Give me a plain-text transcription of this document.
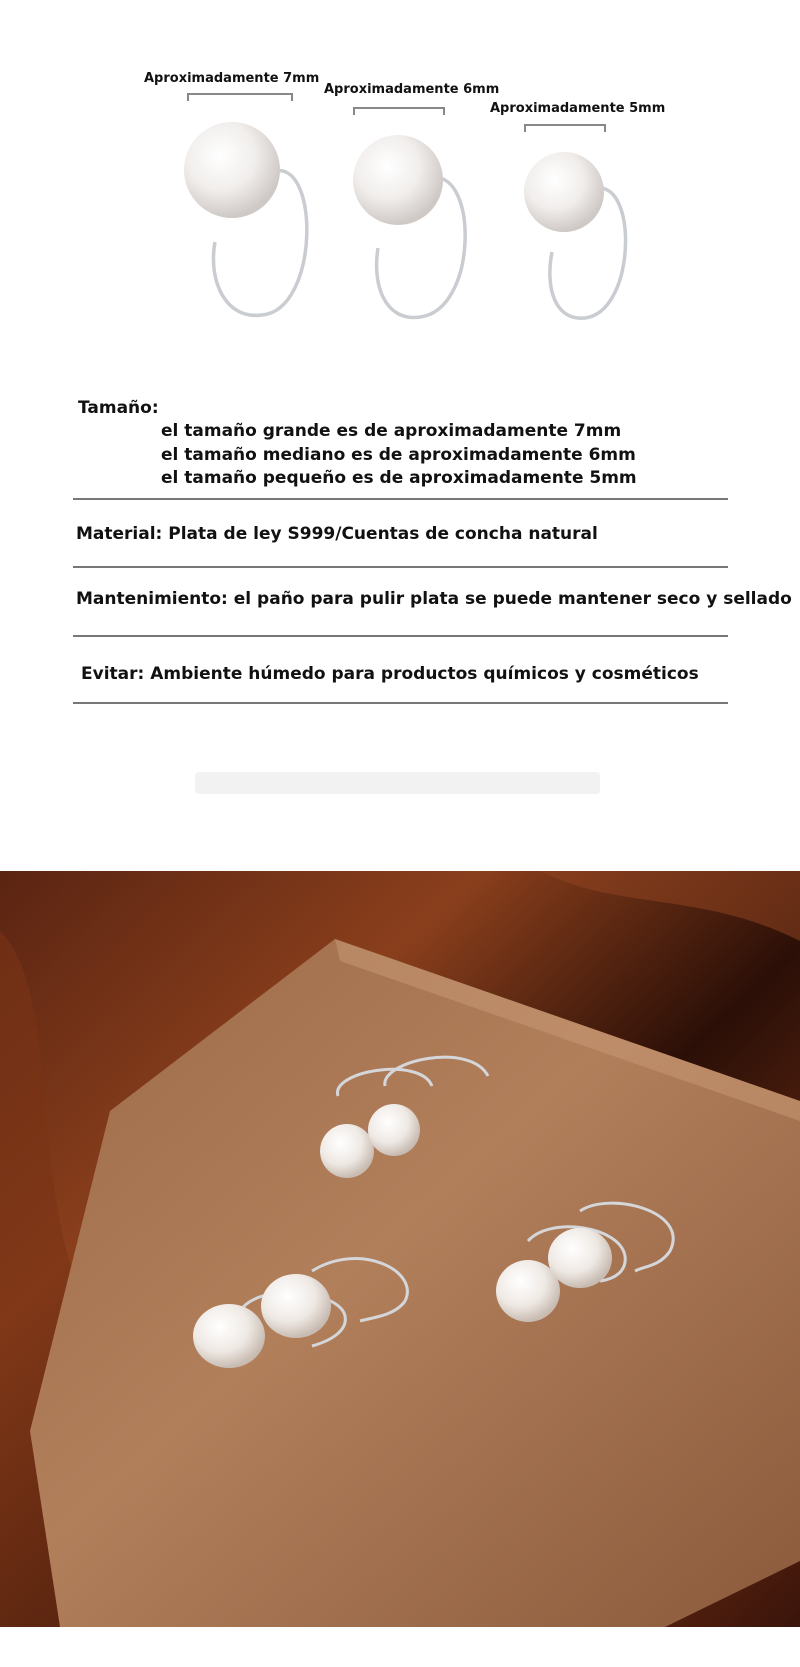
Aproximadamente 7mm
Aproximadamente 6mm
Aproximadamente 5mm
Tamaño:
el tamaño grande es de aproximadamente 7mm
el tamaño mediano es de aproximadamente 6mm
el tamaño pequeño es de aproximadamente 5mm
Material: Plata de ley S999/Cuentas de concha natural
Mantenimiento: el paño para pulir plata se puede mantener seco y sellado
Evitar: Ambiente húmedo para productos químicos y cosméticos
